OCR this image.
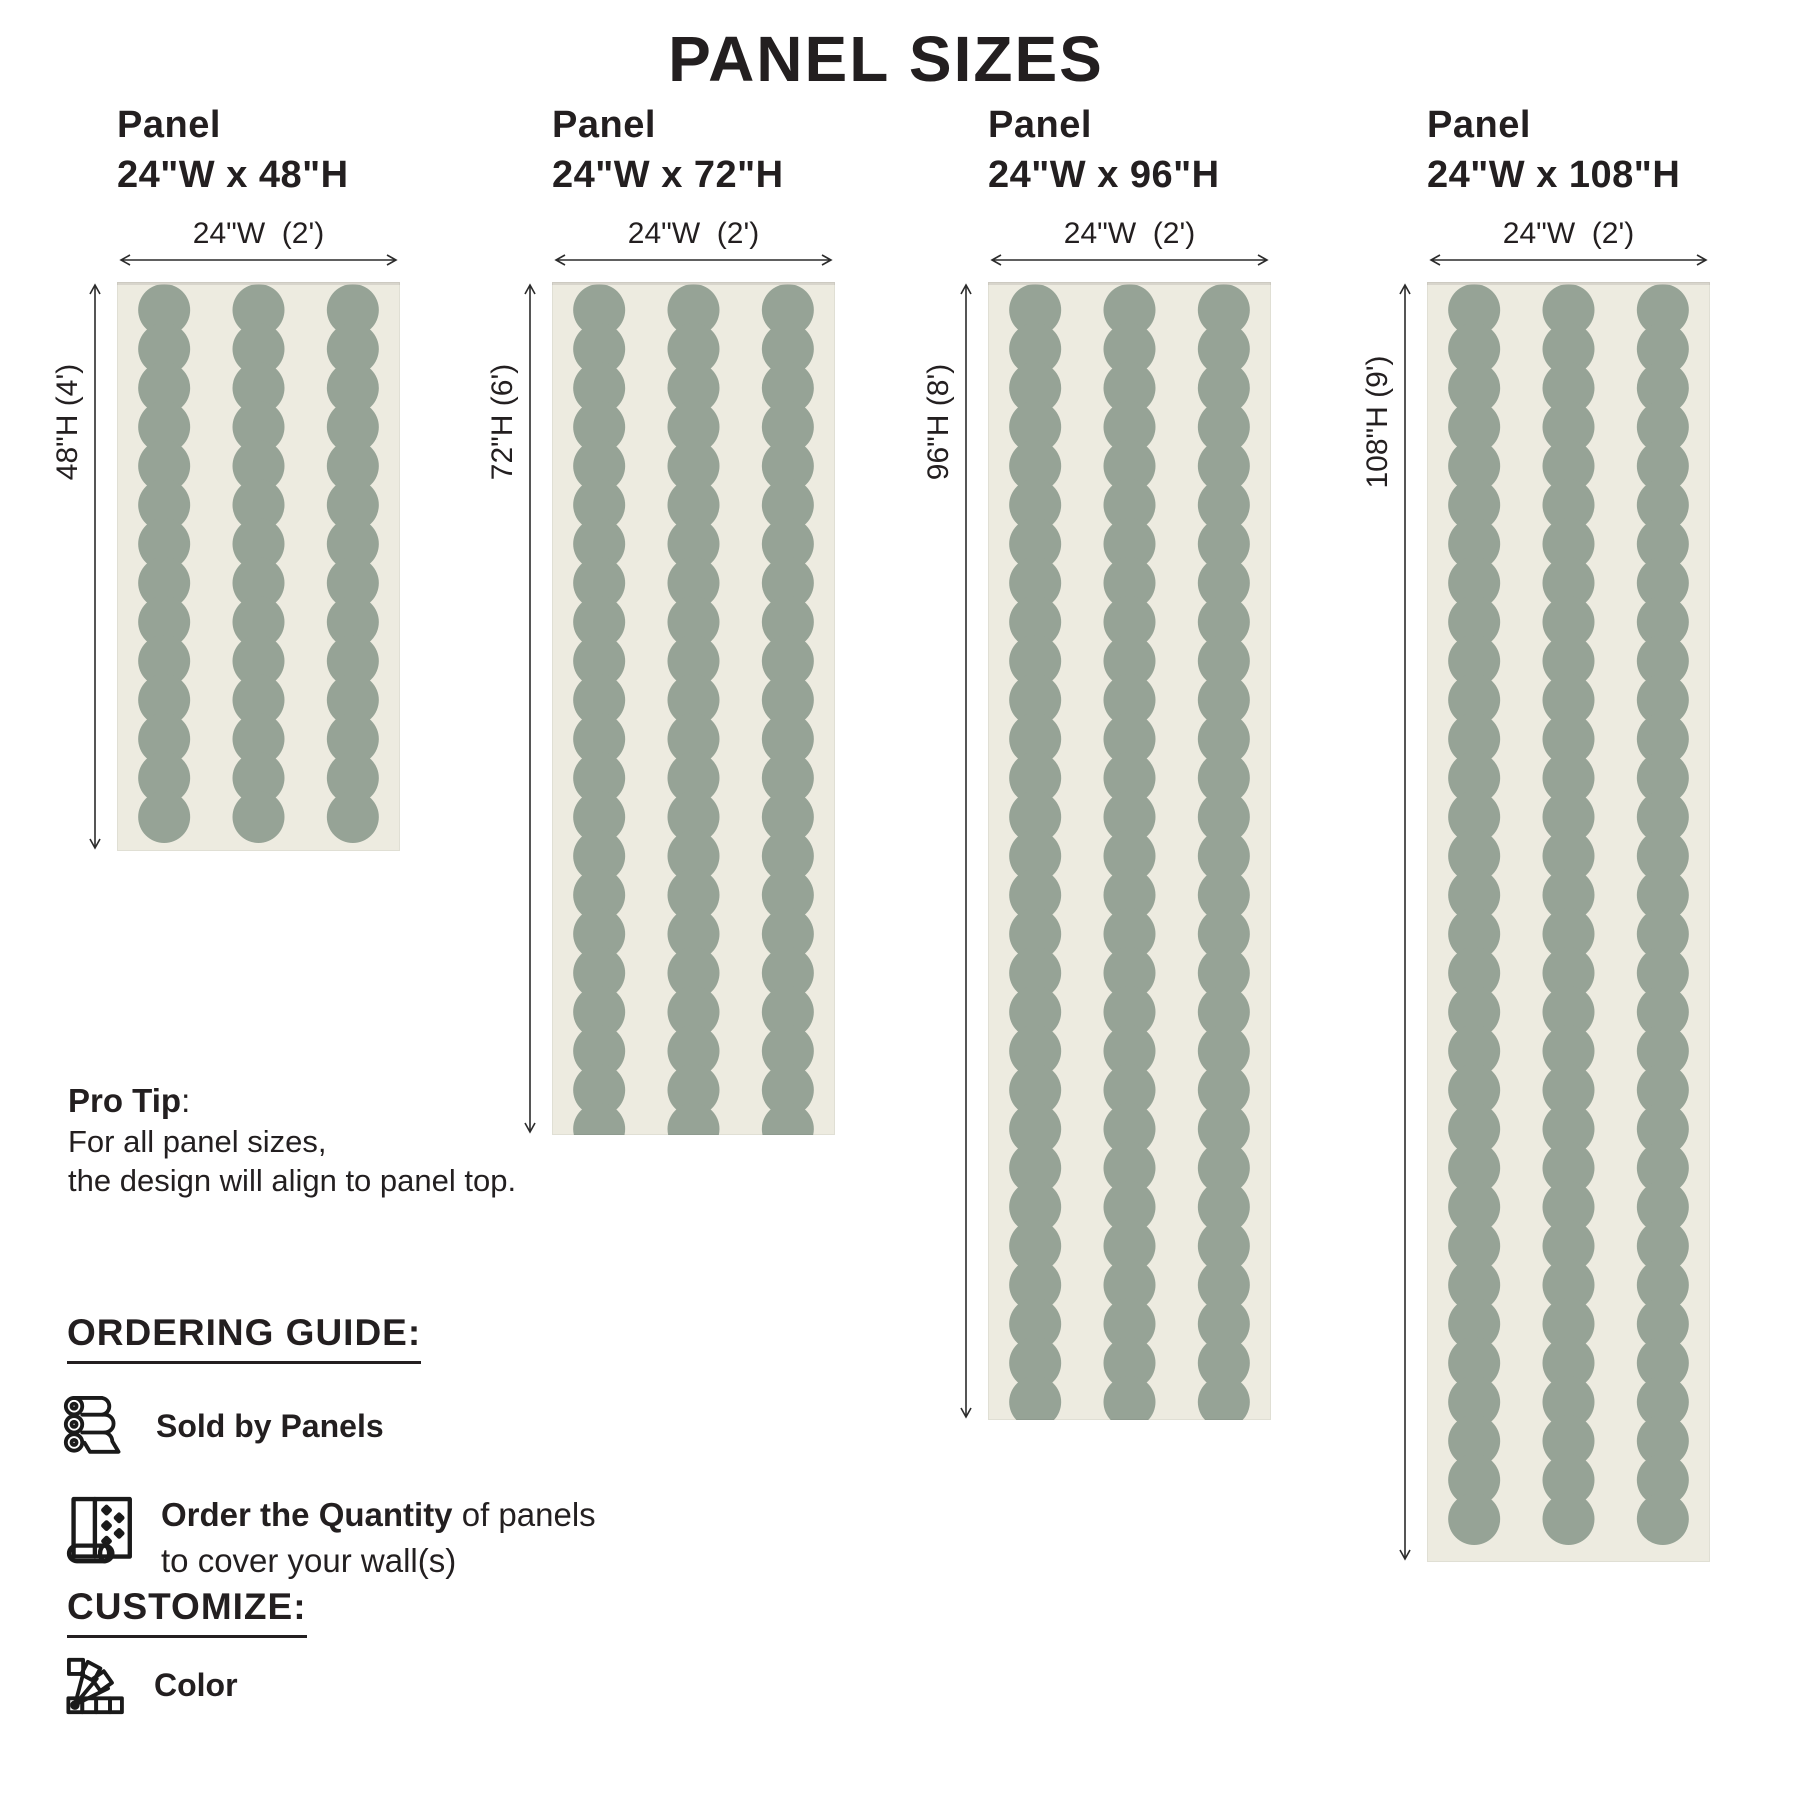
PANEL SIZES
Panel
24"W x 48"H
24"W  (2')
48"H (4')
Panel
24"W x 72"H
24"W  (2')
72"H (6')
Panel
24"W x 96"H
24"W  (2')
96"H (8')
Panel
24"W x 108"H
24"W  (2')
108"H (9')
Pro Tip:
For all panel sizes,
the design will align to panel top.
ORDERING GUIDE:
Sold by Panels
Order the Quantity of panels
to cover your wall(s)
CUSTOMIZE:
Color
